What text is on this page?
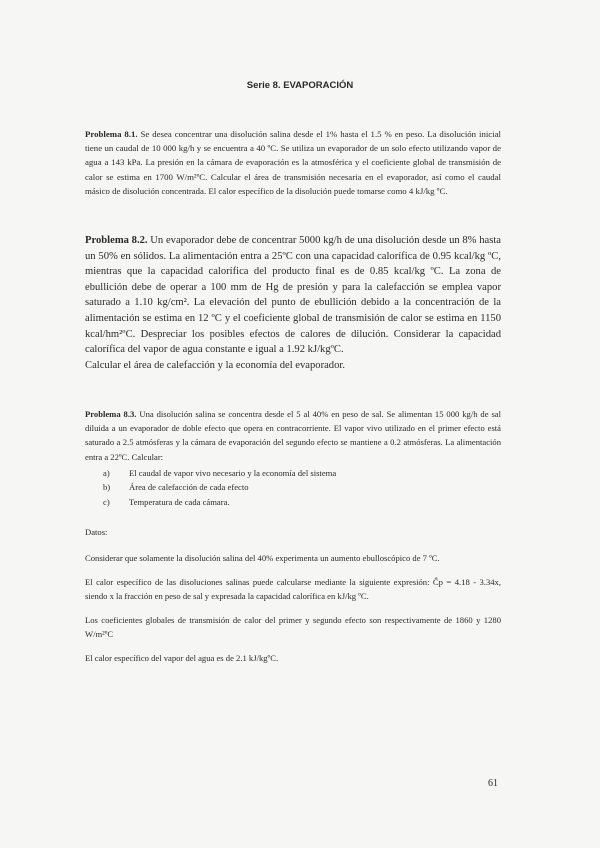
Serie 8. EVAPORACIÓN

Problema 8.1. Se desea concentrar una disolución salina desde el 1% hasta el 1.5 % en peso. La disolución inicial tiene un caudal de 10 000 kg/h y se encuentra a 40 ºC. Se utiliza un evaporador de un solo efecto utilizando vapor de agua a 143 kPa. La presión en la cámara de evaporación es la atmosférica y el coeficiente global de transmisión de calor se estima en 1700 W/m²ºC. Calcular el área de transmisión necesaria en el evaporador, así como el caudal másico de disolución concentrada. El calor específico de la disolución puede tomarse como 4 kJ/kg ºC.

Problema 8.2. Un evaporador debe de concentrar 5000 kg/h de una disolución desde un 8% hasta un 50% en sólidos. La alimentación entra a 25ºC con una capacidad calorífica de 0.95 kcal/kg ºC, mientras que la capacidad calorífica del producto final es de 0.85 kcal/kg ºC. La zona de ebullición debe de operar a 100 mm de Hg de presión y para la calefacción se emplea vapor saturado a 1.10 kg/cm². La elevación del punto de ebullición debido a la concentración de la alimentación se estima en 12 ºC y el coeficiente global de transmisión de calor se estima en 1150 kcal/hm²ºC. Despreciar los posibles efectos de calores de dilución. Considerar la capacidad calorífica del vapor de agua constante e igual a 1.92 kJ/kgºC.

Calcular el área de calefacción y la economía del evaporador.

Problema 8.3. Una disolución salina se concentra desde el 5 al 40% en peso de sal. Se alimentan 15 000 kg/h de sal diluida a un evaporador de doble efecto que opera en contracorriente. El vapor vivo utilizado en el primer efecto está saturado a 2.5 atmósferas y la cámara de evaporación del segundo efecto se mantiene a 0.2 atmósferas. La alimentación entra a 22ºC. Calcular:

a) El caudal de vapor vivo necesario y la economía del sistema
b) Área de calefacción de cada efecto
c) Temperatura de cada cámara.

Datos:

Considerar que solamente la disolución salina del 40% experimenta un aumento ebulloscópico de 7 ºC.

El calor específico de las disoluciones salinas puede calcularse mediante la siguiente expresión: Ĉp = 4.18 - 3.34x, siendo x la fracción en peso de sal y expresada la capacidad calorífica en kJ/kg ºC.

Los coeficientes globales de transmisión de calor del primer y segundo efecto son respectivamente de 1860 y 1280 W/m²ºC

El calor específico del vapor del agua es de 2.1 kJ/kgºC.

61
